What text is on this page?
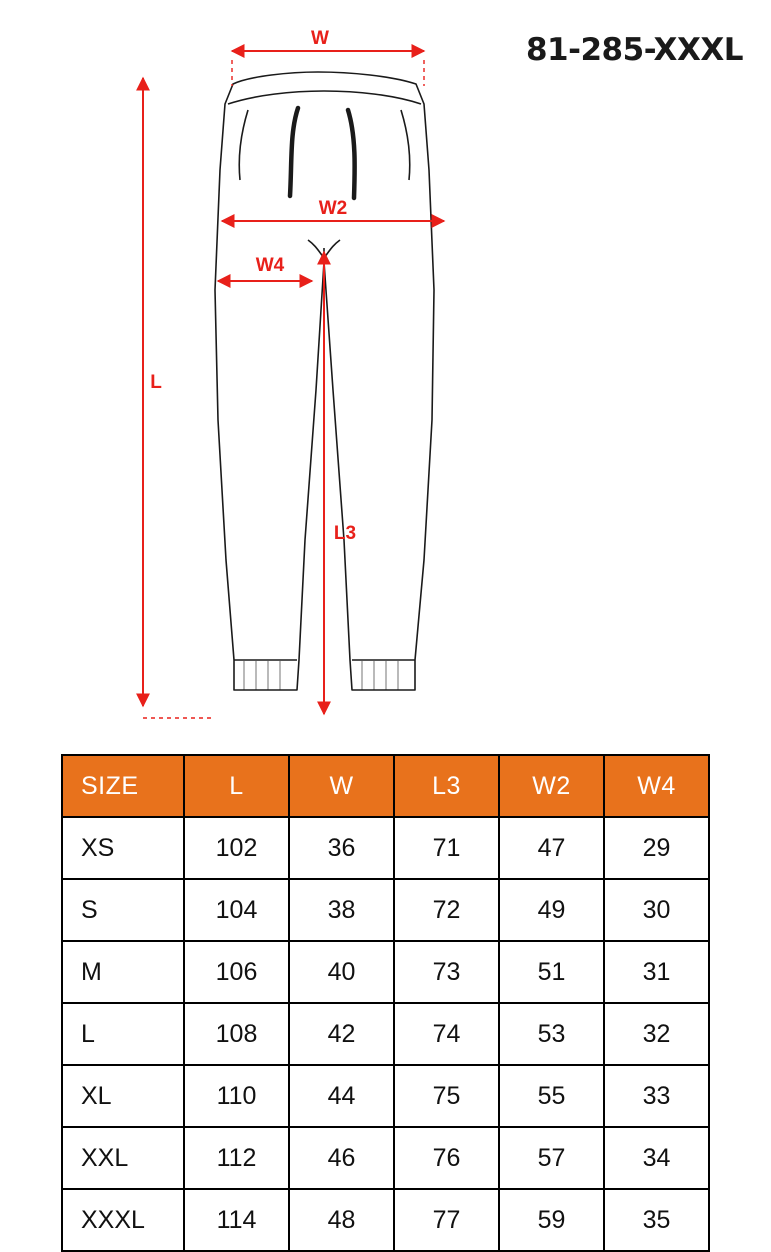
81-285-XXXL
W
W2
W4
L
L3
SIZE	L	W	L3	W2	W4
XS	102	36	71	47	29
S	104	38	72	49	30
M	106	40	73	51	31
L	108	42	74	53	32
XL	110	44	75	55	33
XXL	112	46	76	57	34
XXXL	114	48	77	59	35
